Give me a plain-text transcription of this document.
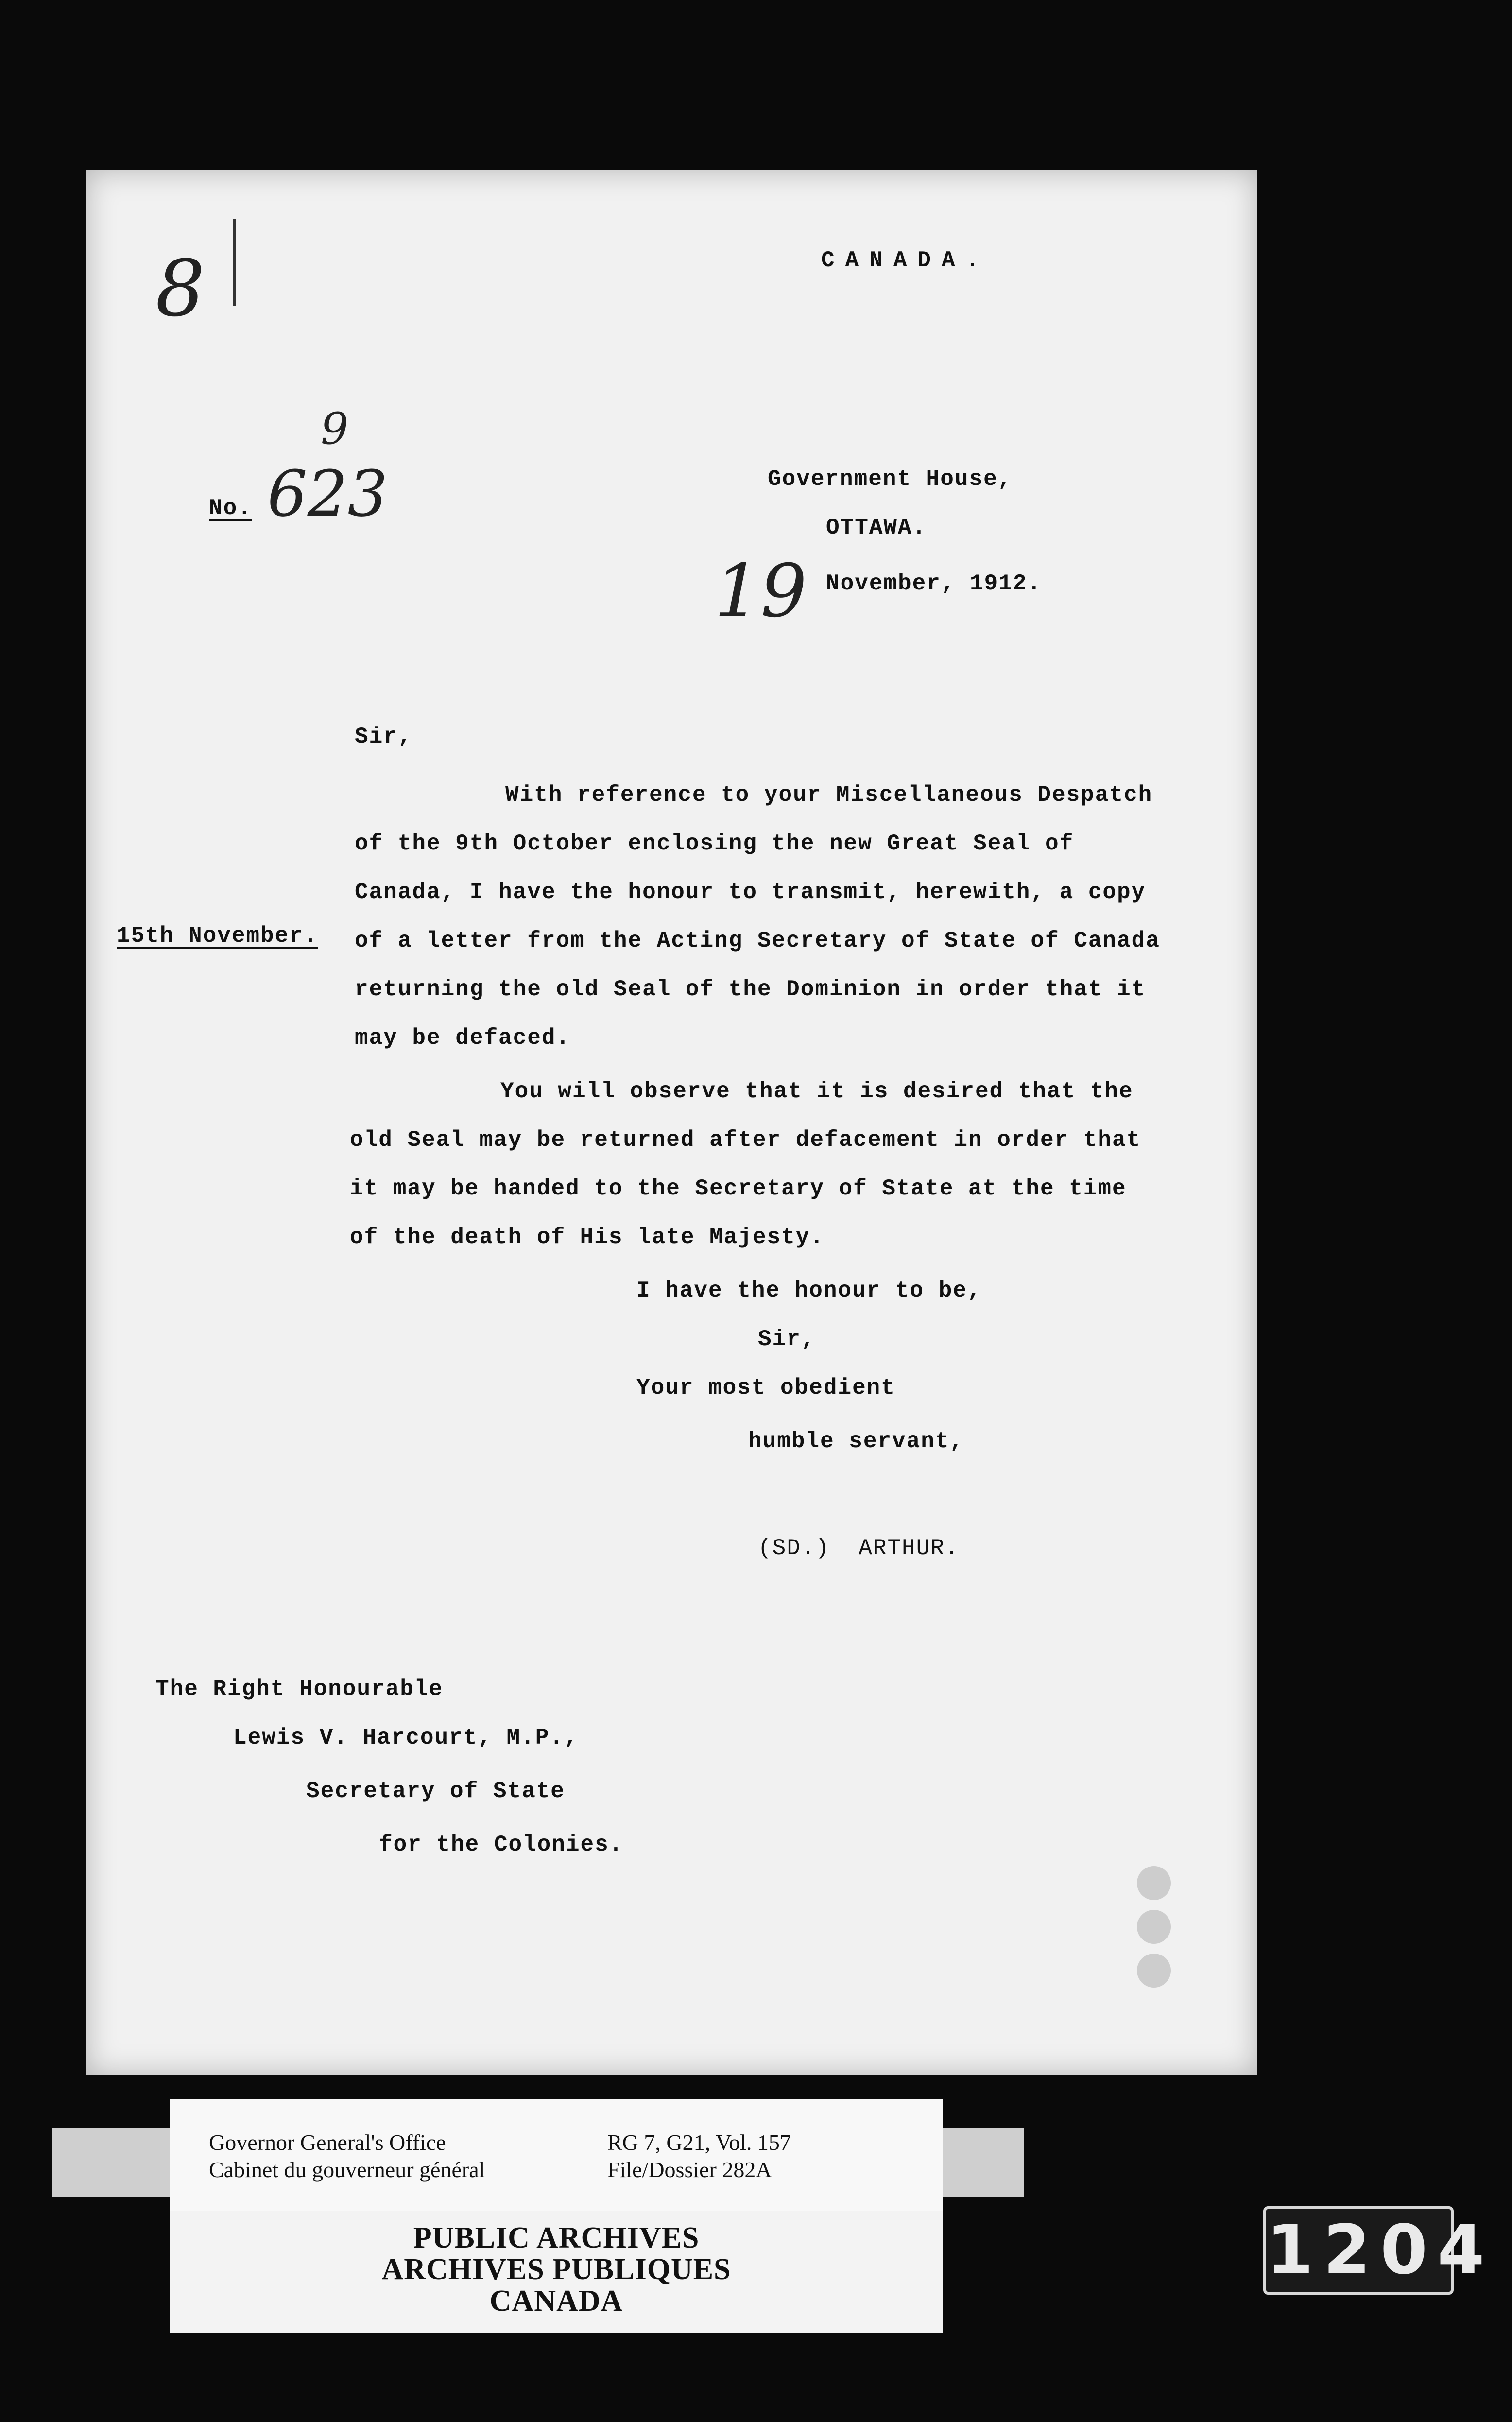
8	CANADA.
No. 623
9
Government House,
OTTAWA.
19 November, 1912.
Sir,
With reference to your Miscellaneous Despatch
of the 9th October enclosing the new Great Seal of
Canada, I have the honour to transmit, herewith, a copy
15th November. of a letter from the Acting Secretary of State of Canada
returning the old Seal of the Dominion in order that it
may be defaced.
You will observe that it is desired that the
old Seal may be returned after defacement in order that
it may be handed to the Secretary of State at the time
of the death of His late Majesty.
I have the honour to be,
Sir,
Your most obedient
humble servant,
(SD.)  ARTHUR.
The Right Honourable
Lewis V. Harcourt, M.P.,
Secretary of State
for the Colonies.
Governor General's Office
Cabinet du gouverneur général
RG 7, G21, Vol. 157
File/Dossier 282A
PUBLIC ARCHIVES
ARCHIVES PUBLIQUES
CANADA
1204
